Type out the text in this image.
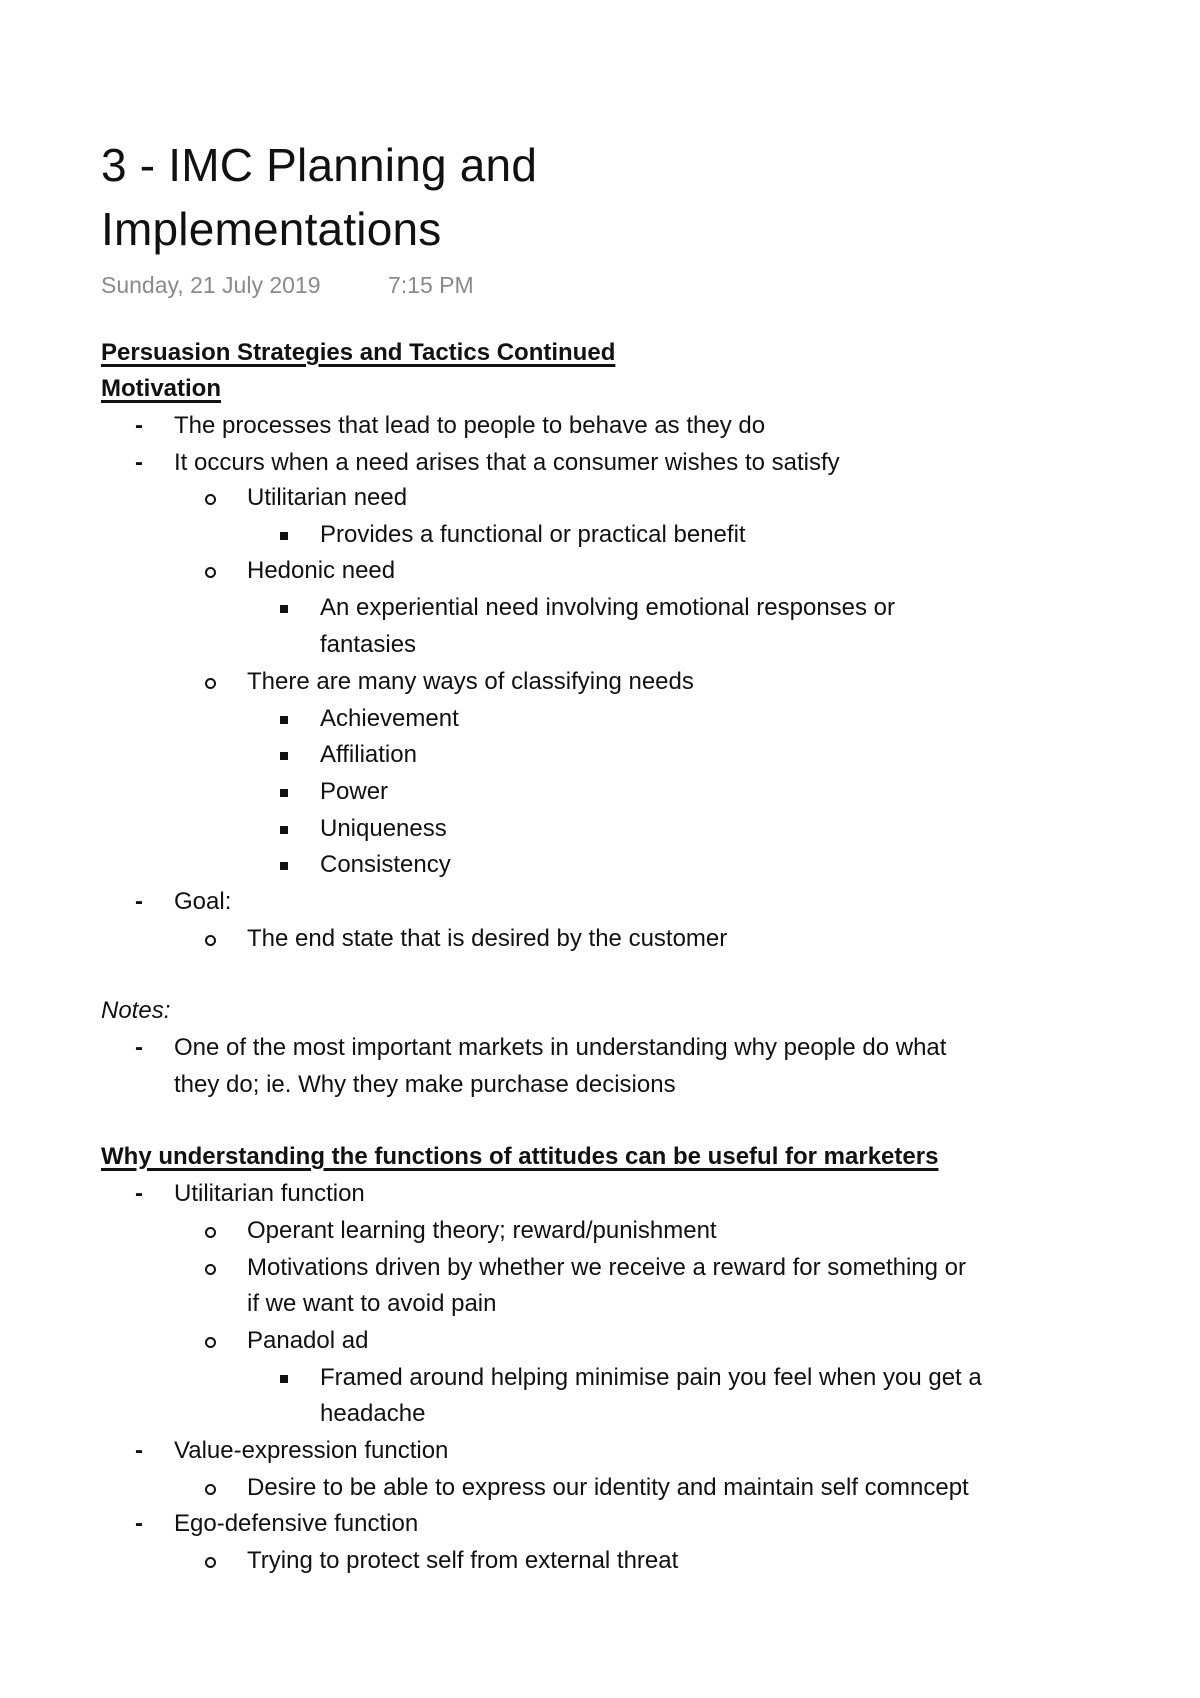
3 - IMC Planning and
Implementations
Sunday, 21 July 2019	7:15 PM
Persuasion Strategies and Tactics Continued
Motivation
- The processes that lead to people to behave as they do
- It occurs when a need arises that a consumer wishes to satisfy
Utilitarian need
Provides a functional or practical benefit
Hedonic need
An experiential need involving emotional responses or
fantasies
There are many ways of classifying needs
Achievement
Affiliation
Power
Uniqueness
Consistency
- Goal:
The end state that is desired by the customer
Notes:
- One of the most important markets in understanding why people do what
they do; ie. Why they make purchase decisions
Why understanding the functions of attitudes can be useful for marketers
- Utilitarian function
Operant learning theory; reward/punishment
Motivations driven by whether we receive a reward for something or
if we want to avoid pain
Panadol ad
Framed around helping minimise pain you feel when you get a
headache
- Value-expression function
Desire to be able to express our identity and maintain self comncept
- Ego-defensive function
Trying to protect self from external threat
